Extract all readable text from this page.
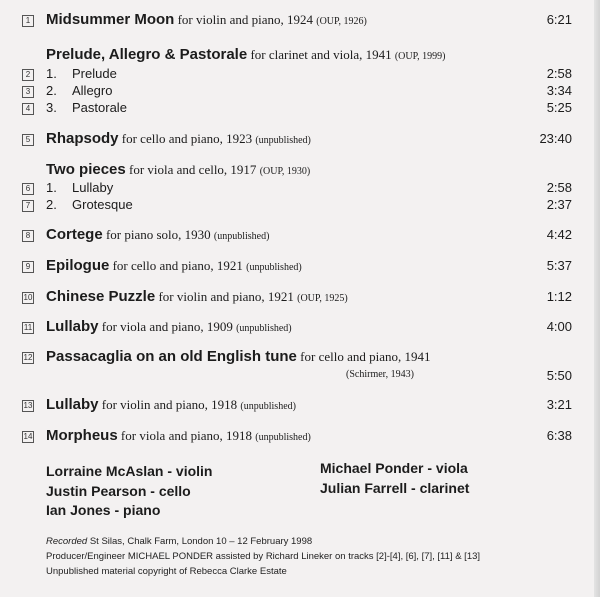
1 Midsummer Moon for violin and piano, 1924 (OUP, 1926)	6:21
Prelude, Allegro & Pastorale for clarinet and viola, 1941 (OUP, 1999)
2 1. Prelude	2:58
3 2. Allegro	3:34
4 3. Pastorale	5:25
5 Rhapsody for cello and piano, 1923 (unpublished)	23:40
Two pieces for viola and cello, 1917 (OUP, 1930)
6 1. Lullaby	2:58
7 2. Grotesque	2:37
8 Cortege for piano solo, 1930 (unpublished)	4:42
9 Epilogue for cello and piano, 1921 (unpublished)	5:37
10 Chinese Puzzle for violin and piano, 1921 (OUP, 1925)	1:12
11 Lullaby for viola and piano, 1909 (unpublished)	4:00
12 Passacaglia on an old English tune for cello and piano, 1941
(Schirmer, 1943)	5:50
13 Lullaby for violin and piano, 1918 (unpublished)	3:21
14 Morpheus for viola and piano, 1918 (unpublished)	6:38
Lorraine McAslan - violin
Justin Pearson - cello
Ian Jones - piano
Michael Ponder - viola
Julian Farrell - clarinet
Recorded St Silas, Chalk Farm, London 10 – 12 February 1998
Producer/Engineer MICHAEL PONDER assisted by Richard Lineker on tracks [2]-[4], [6], [7], [11] & [13]
Unpublished material copyright of Rebecca Clarke Estate
